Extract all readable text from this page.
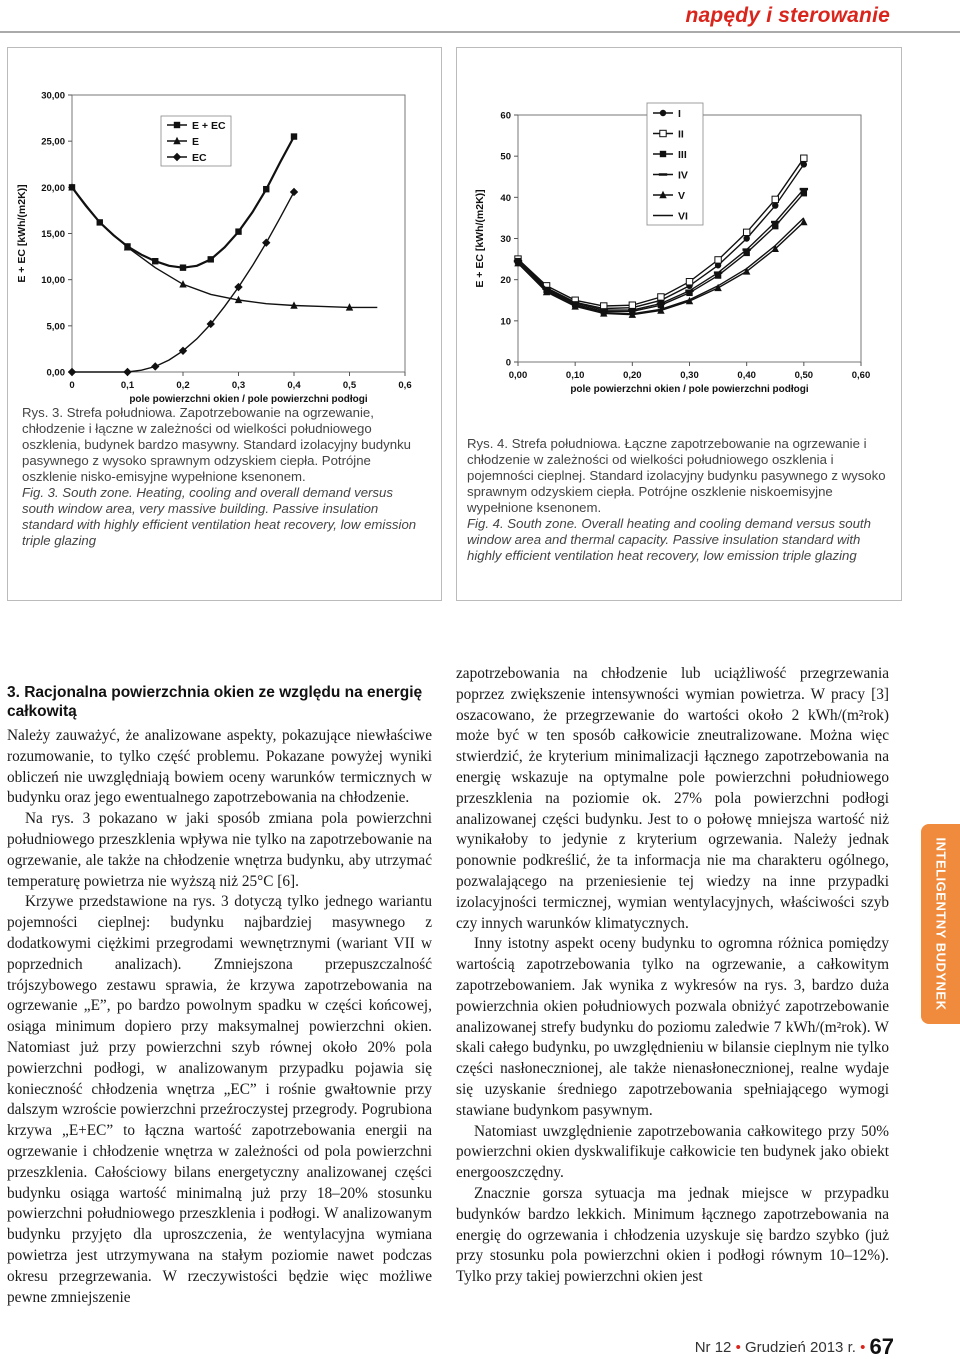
napędy i sterowanie
0,00
5,00
10,00
15,00
20,00
25,00
30,00
0	0,1	0,2	0,3	0,4	0,5	0,6
pole powierzchni okien / pole powierzchni podłogi
E + EC [kWh/(m2K)]
E + EC
E
EC

Rys. 3. Strefa południowa. Zapotrzebowanie na ogrzewanie, chłodzenie i łączne w zależności od wielkości południowego oszklenia, budynek bardzo masywny. Standard izolacyjny budynku pasywnego z wysoko sprawnym odzyskiem ciepła. Potrójne oszklenie nisko-emisyjne wypełnione ksenonem.

Fig. 3. South zone. Heating, cooling and overall demand versus south window area, very massive building. Passive insulation standard with highly efficient ventilation heat recovery, low emission triple glazing

0
10
20
30
40
50
60
0,00	0,10	0,20	0,30	0,40	0,50	0,60
pole powierzchni okien / pole powierzchni podłogi
E + EC [kWh/(m2K)]
I
II
III
IV
V
VI

Rys. 4. Strefa południowa. Łączne zapotrzebowanie na ogrzewanie i chłodzenie w zależności od wielkości południowego oszklenia i pojemności cieplnej. Standard izolacyjny budynku pasywnego z wysoko sprawnym odzyskiem ciepła. Potrójne oszklenie niskoemisyjne wypełnione ksenonem.

Fig. 4. South zone. Overall heating and cooling demand versus south window area and thermal capacity. Passive insulation standard with highly efficient ventilation heat recovery, low emission triple glazing

3. Racjonalna powierzchnia okien ze względu na energię całkowitą

Należy zauważyć, że analizowane aspekty, pokazujące niewłaściwe rozumowanie, to tylko część problemu. Pokazane powyżej wyniki obliczeń nie uwzględniają bowiem oceny warunków termicznych w budynku oraz jego ewentualnego zapotrzebowania na chłodzenie.

Na rys. 3 pokazano w jaki sposób zmiana pola powierzchni południowego przeszklenia wpływa nie tylko na zapotrzebowanie na ogrzewanie, ale także na chłodzenie wnętrza budynku, aby utrzymać temperaturę powietrza nie wyższą niż 25°C [6].

Krzywe przedstawione na rys. 3 dotyczą tylko jednego wariantu pojemności cieplnej: budynku najbardziej masywnego z dodatkowymi ciężkimi przegrodami wewnętrznymi (wariant VII w poprzednich analizach). Zmniejszona przepuszczalność trójszybowego zestawu sprawia, że krzywa zapotrzebowania na ogrzewanie „E”, po bardzo powolnym spadku w części końcowej, osiąga minimum dopiero przy maksymalnej powierzchni okien. Natomiast już przy powierzchni szyb równej około 20% pola powierzchni podłogi, w analizowanym przypadku pojawia się konieczność chłodzenia wnętrza „EC” i rośnie gwałtownie przy dalszym wzroście powierzchni przeźroczystej przegrody. Pogrubiona krzywa „E+EC” to łączna wartość zapotrzebowania energii na ogrzewanie i chłodzenie wnętrza w zależności od pola powierzchni przeszklenia. Całościowy bilans energetyczny analizowanej części budynku osiąga wartość minimalną już przy 18–20% stosunku powierzchni południowego przeszklenia i podłogi. W analizowanym budynku przyjęto dla uproszczenia, że wentylacyjna wymiana powietrza jest utrzymywana na stałym poziomie nawet podczas okresu przegrzewania. W rzeczywistości będzie więc możliwe pewne zmniejszenie

zapotrzebowania na chłodzenie lub uciążliwość przegrzewania poprzez zwiększenie intensywności wymian powietrza. W pracy [3] oszacowano, że przegrzewanie do wartości około 2 kWh/(m²rok) może być w ten sposób całkowicie zneutralizowane. Można więc stwierdzić, że kryterium minimalizacji łącznego zapotrzebowania na energię wskazuje na optymalne pole powierzchni południowego przeszklenia na poziomie ok. 27% pola powierzchni podłogi analizowanej części budynku. Jest to o połowę mniejsza wartość niż wynikałoby to jedynie z kryterium ogrzewania. Należy jednak ponownie podkreślić, że ta informacja nie ma charakteru ogólnego, pozwalającego na przeniesienie tej wiedzy na inne przypadki izolacyjności termicznej, wymian wentylacyjnych, właściwości szyb czy innych warunków klimatycznych.

Inny istotny aspekt oceny budynku to ogromna różnica pomiędzy wartością zapotrzebowania tylko na ogrzewanie, a całkowitym zapotrzebowaniem. Jak wynika z wykresów na rys. 3, bardzo duża powierzchnia okien południowych pozwala obniżyć zapotrzebowanie analizowanej strefy budynku do poziomu zaledwie 7 kWh/(m²rok). W skali całego budynku, po uwzględnieniu w bilansie cieplnym nie tylko części nasłonecznionej, ale także nienasłonecznionej, realne wydaje się uzyskanie średniego zapotrzebowania spełniającego wymogi stawiane budynkom pasywnym.

Natomiast uwzględnienie zapotrzebowania całkowitego przy 50% powierzchni okien dyskwalifikuje całkowicie ten budynek jako obiekt energooszczędny.

Znacznie gorsza sytuacja ma jednak miejsce w przypadku budynków bardzo lekkich. Minimum łącznego zapotrzebowania na energię do ogrzewania i chłodzenia uzyskuje się bardzo szybko (już przy stosunku pola powierzchni okien i podłogi równym 10–12%). Tylko przy takiej powierzchni okien jest

INTELIGENTNY BUDYNEK
Nr 12 • Grudzień 2013 r. • 67
